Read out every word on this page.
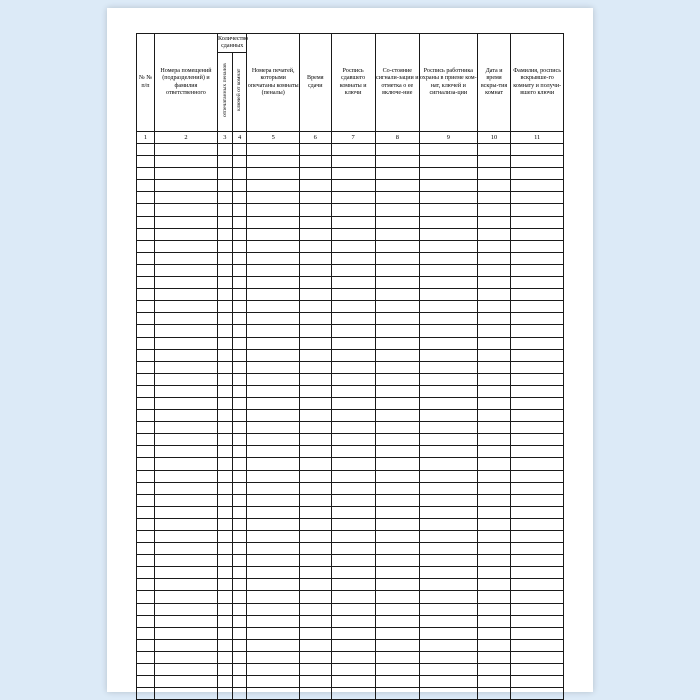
№ № п/п	Номера помещений (подразделений) и фамилия ответственного	Количество сданных		Номера печатей, которыми опечатаны комнаты (пеналы)	Время сдачи	Роспись сдавшего комнаты и ключи	Со-стояние сигнали-зации и отметка о ее включе-ние	Роспись работника охраны в приеме ком-нат, ключей и сигнализа-ции	Дата и время вскры-тия комнат	Фамилия, роспись вскрывше-го комнату и получи-вшего ключи
		отпечатанных пеналов	ключей от комнат							
1	2	3	4	5	6	7	8	9	10	11
